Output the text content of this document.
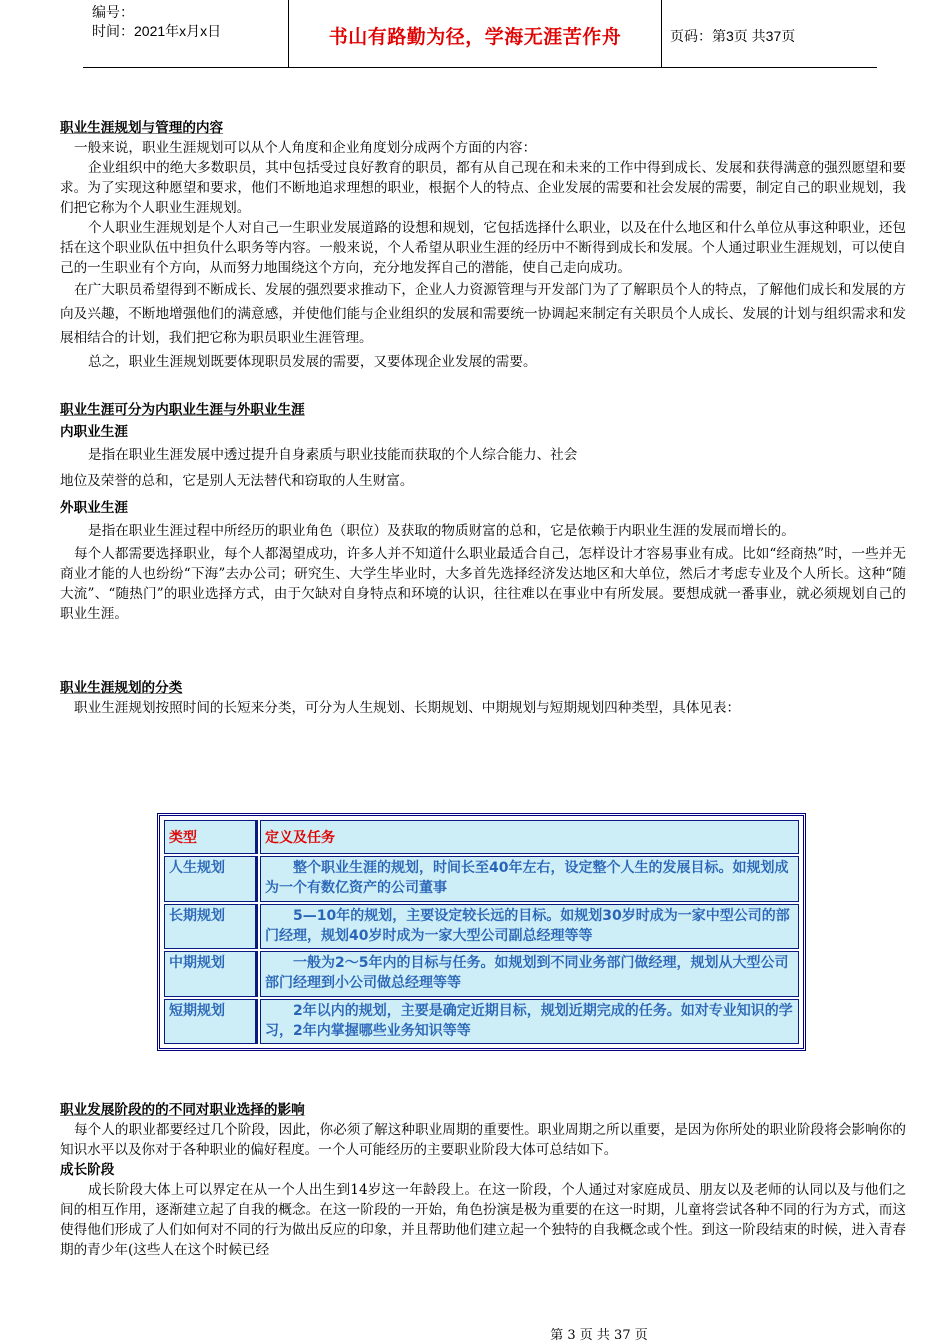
编号：
时间：2021年x月x日	书山有路勤为径，学海无涯苦作舟	页码：第3页 共37页
职业生涯规划与管理的内容

一般来说，职业生涯规划可以从个人角度和企业角度划分成两个方面的内容：

企业组织中的绝大多数职员，其中包括受过良好教育的职员，都有从自己现在和未来的工作中得到成长、发展和获得满意的强烈愿望和要求。为了实现这种愿望和要求，他们不断地追求理想的职业，根据个人的特点、企业发展的需要和社会发展的需要，制定自己的职业规划，我们把它称为个人职业生涯规划。

个人职业生涯规划是个人对自己一生职业发展道路的设想和规划，它包括选择什么职业，以及在什么地区和什么单位从事这种职业，还包括在这个职业队伍中担负什么职务等内容。一般来说，个人希望从职业生涯的经历中不断得到成长和发展。个人通过职业生涯规划，可以使自己的一生职业有个方向，从而努力地围绕这个方向，充分地发挥自己的潜能，使自己走向成功。

在广大职员希望得到不断成长、发展的强烈要求推动下，企业人力资源管理与开发部门为了了解职员个人的特点，了解他们成长和发展的方向及兴趣，不断地增强他们的满意感，并使他们能与企业组织的发展和需要统一协调起来制定有关职员个人成长、发展的计划与组织需求和发展相结合的计划，我们把它称为职员职业生涯管理。

总之，职业生涯规划既要体现职员发展的需要，又要体现企业发展的需要。

职业生涯可分为内职业生涯与外职业生涯
内职业生涯

是指在职业生涯发展中透过提升自身素质与职业技能而获取的个人综合能力、社会

地位及荣誉的总和，它是别人无法替代和窃取的人生财富。

外职业生涯

是指在职业生涯过程中所经历的职业角色（职位）及获取的物质财富的总和，它是依赖于内职业生涯的发展而增长的。

每个人都需要选择职业，每个人都渴望成功，许多人并不知道什么职业最适合自己，怎样设计才容易事业有成。比如“经商热”时，一些并无商业才能的人也纷纷“下海”去办公司；研究生、大学生毕业时，大多首先选择经济发达地区和大单位，然后才考虑专业及个人所长。这种“随大流”、“随热门”的职业选择方式，由于欠缺对自身特点和环境的认识，往往难以在事业中有所发展。要想成就一番事业，就必须规划自己的职业生涯。

职业生涯规划的分类

职业生涯规划按照时间的长短来分类，可分为人生规划、长期规划、中期规划与短期规划四种类型，具体见表：

类型	定义及任务
人生规划	整个职业生涯的规划，时间长至40年左右，设定整个人生的发展目标。如规划成为一个有数亿资产的公司董事
长期规划	5—10年的规划，主要设定较长远的目标。如规划30岁时成为一家中型公司的部门经理，规划40岁时成为一家大型公司副总经理等等
中期规划	一般为2～5年内的目标与任务。如规划到不同业务部门做经理，规划从大型公司部门经理到小公司做总经理等等
短期规划	2年以内的规划，主要是确定近期目标，规划近期完成的任务。如对专业知识的学习，2年内掌握哪些业务知识等等
职业发展阶段的的不同对职业选择的影响

每个人的职业都要经过几个阶段，因此，你必须了解这种职业周期的重要性。职业周期之所以重要，是因为你所处的职业阶段将会影响你的知识水平以及你对于各种职业的偏好程度。一个人可能经历的主要职业阶段大体可总结如下。

成长阶段

成长阶段大体上可以界定在从一个人出生到14岁这一年龄段上。在这一阶段，个人通过对家庭成员、朋友以及老师的认同以及与他们之间的相互作用，逐渐建立起了自我的概念。在这一阶段的一开始，角色扮演是极为重要的在这一时期，儿童将尝试各种不同的行为方式，而这使得他们形成了人们如何对不同的行为做出反应的印象，并且帮助他们建立起一个独特的自我概念或个性。到这一阶段结束的时候，进入青春期的青少年(这些人在这个时候已经

第 3 页 共 37 页
